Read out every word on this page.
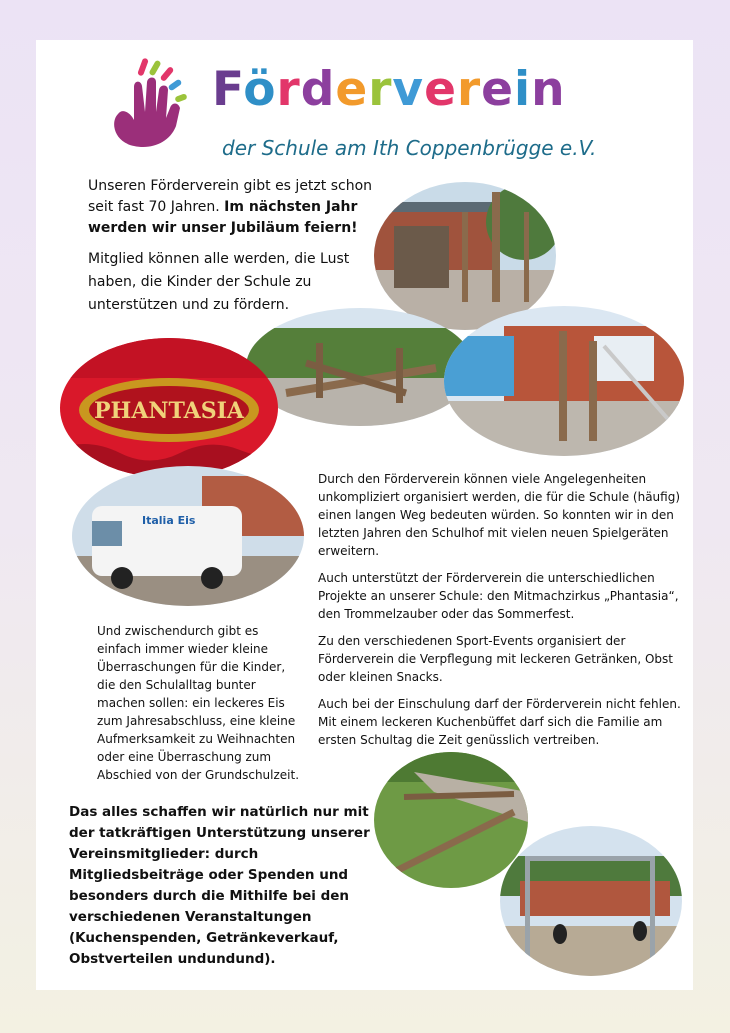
Förderverein
der Schule am Ith Coppenbrügge e.V.
Unseren Förderverein gibt es jetzt schon seit fast 70 Jahren. Im nächsten Jahr werden wir unser Jubiläum feiern!
Mitglied können alle werden, die Lust haben, die Kinder der Schule zu unterstützen und zu fördern.
PHANTASIA
Italia Eis

Durch den Förderverein können viele Angelegenheiten unkompliziert organisiert werden, die für die Schule (häufig) einen langen Weg bedeuten würden. So konnten wir in den letzten Jahren den Schulhof mit vielen neuen Spielgeräten erweitern.

Auch unterstützt der Förderverein die unterschiedlichen Projekte an unserer Schule: den Mitmachzirkus „Phantasia“, den Trommelzauber oder das Sommerfest.

Zu den verschiedenen Sport-Events organisiert der Förderverein die Verpflegung mit leckeren Getränken, Obst oder kleinen Snacks.

Auch bei der Einschulung darf der Förderverein nicht fehlen. Mit einem leckeren Kuchenbüffet darf sich die Familie am ersten Schultag die Zeit genüsslich vertreiben.

Und zwischendurch gibt es einfach immer wieder kleine Überraschungen für die Kinder, die den Schulalltag bunter machen sollen: ein leckeres Eis zum Jahresabschluss, eine kleine Aufmerksamkeit zu Weihnachten oder eine Überraschung zum Abschied von der Grundschulzeit.
Das alles schaffen wir natürlich nur mit der tatkräftigen Unterstützung unserer Vereinsmitglieder: durch Mitgliedsbeiträge oder Spenden und besonders durch die Mithilfe bei den verschiedenen Veranstaltungen (Kuchenspenden, Getränkeverkauf, Obstverteilen undundund).
